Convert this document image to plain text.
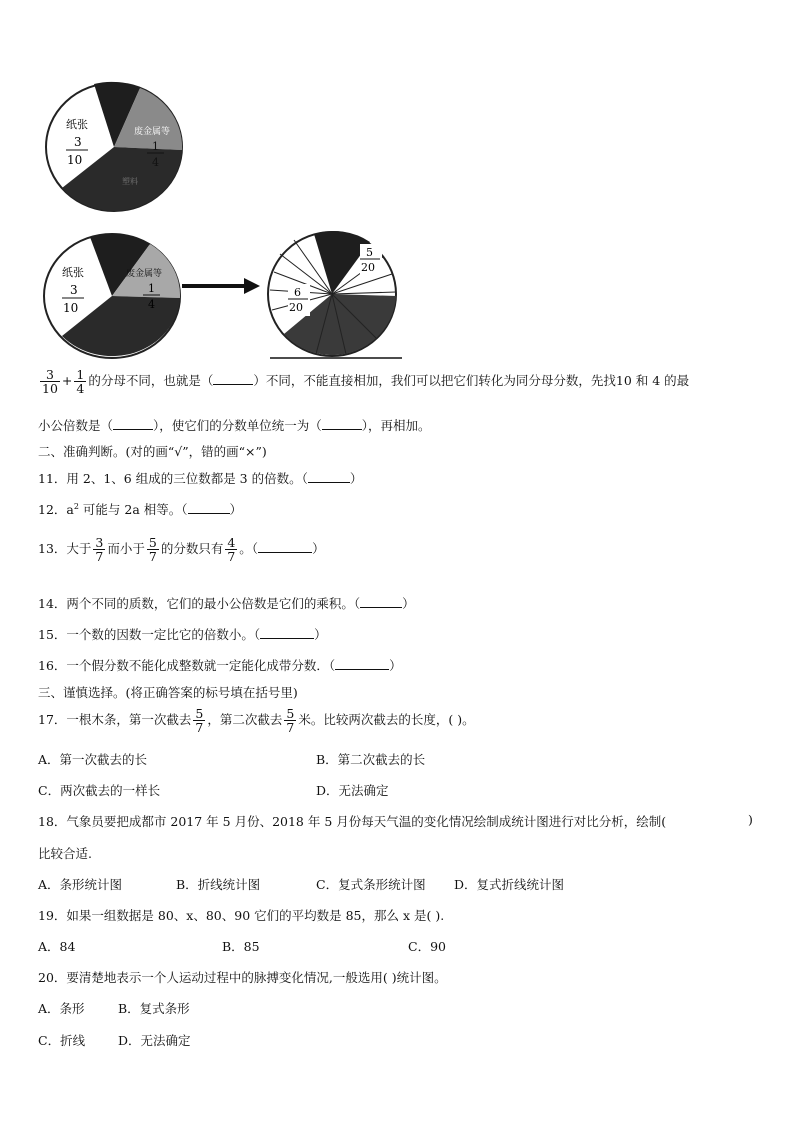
纸张
3
10
废金属等
1
4
塑料
纸张
3
10
废金属等
1
4
6
20
5
20
$\frac{3}{10} + \frac{1}{4}$ 的分母不同，也就是（	）不同，不能直接相加，我们可以把它们转化为同分母分数，先找10 和 4 的最
小公倍数是（	），使它们的分数单位统一为（	），再相加。
二、准确判断。(对的画“√”，错的画“×”)
11．用 2、1、6 组成的三位数都是 3 的倍数。（	）
12．$a^2$ 可能与 2a 相等。（	）
13．大于 $\frac{3}{7}$ 而小于 $\frac{5}{7}$ 的分数只有 $\frac{4}{7}$ 。（	）
14．两个不同的质数，它们的最小公倍数是它们的乘积。（	）
15．一个数的因数一定比它的倍数小。（	）
16．一个假分数不能化成整数就一定能化成带分数．（	）
三、谨慎选择。(将正确答案的标号填在括号里)
17．一根木条，第一次截去 $\frac{5}{7}$ ，第二次截去 $\frac{5}{7}$ 米。比较两次截去的长度，( )。
A．第一次截去的长	B．第二次截去的长
C．两次截去的一样长	D．无法确定
18．气象员要把成都市 2017 年 5 月份、2018 年 5 月份每天气温的变化情况绘制成统计图进行对比分析，绘制(	)
比较合适.
A．条形统计图	B．折线统计图	C．复式条形统计图 D．复式折线统计图
19．如果一组数据是 80、x、80、90 它们的平均数是 85，那么 x 是( ).
A．84	B．85	C．90
20．要清楚地表示一个人运动过程中的脉搏变化情况,一般选用( )统计图。
A．条形	B．复式条形
C．折线	D．无法确定
